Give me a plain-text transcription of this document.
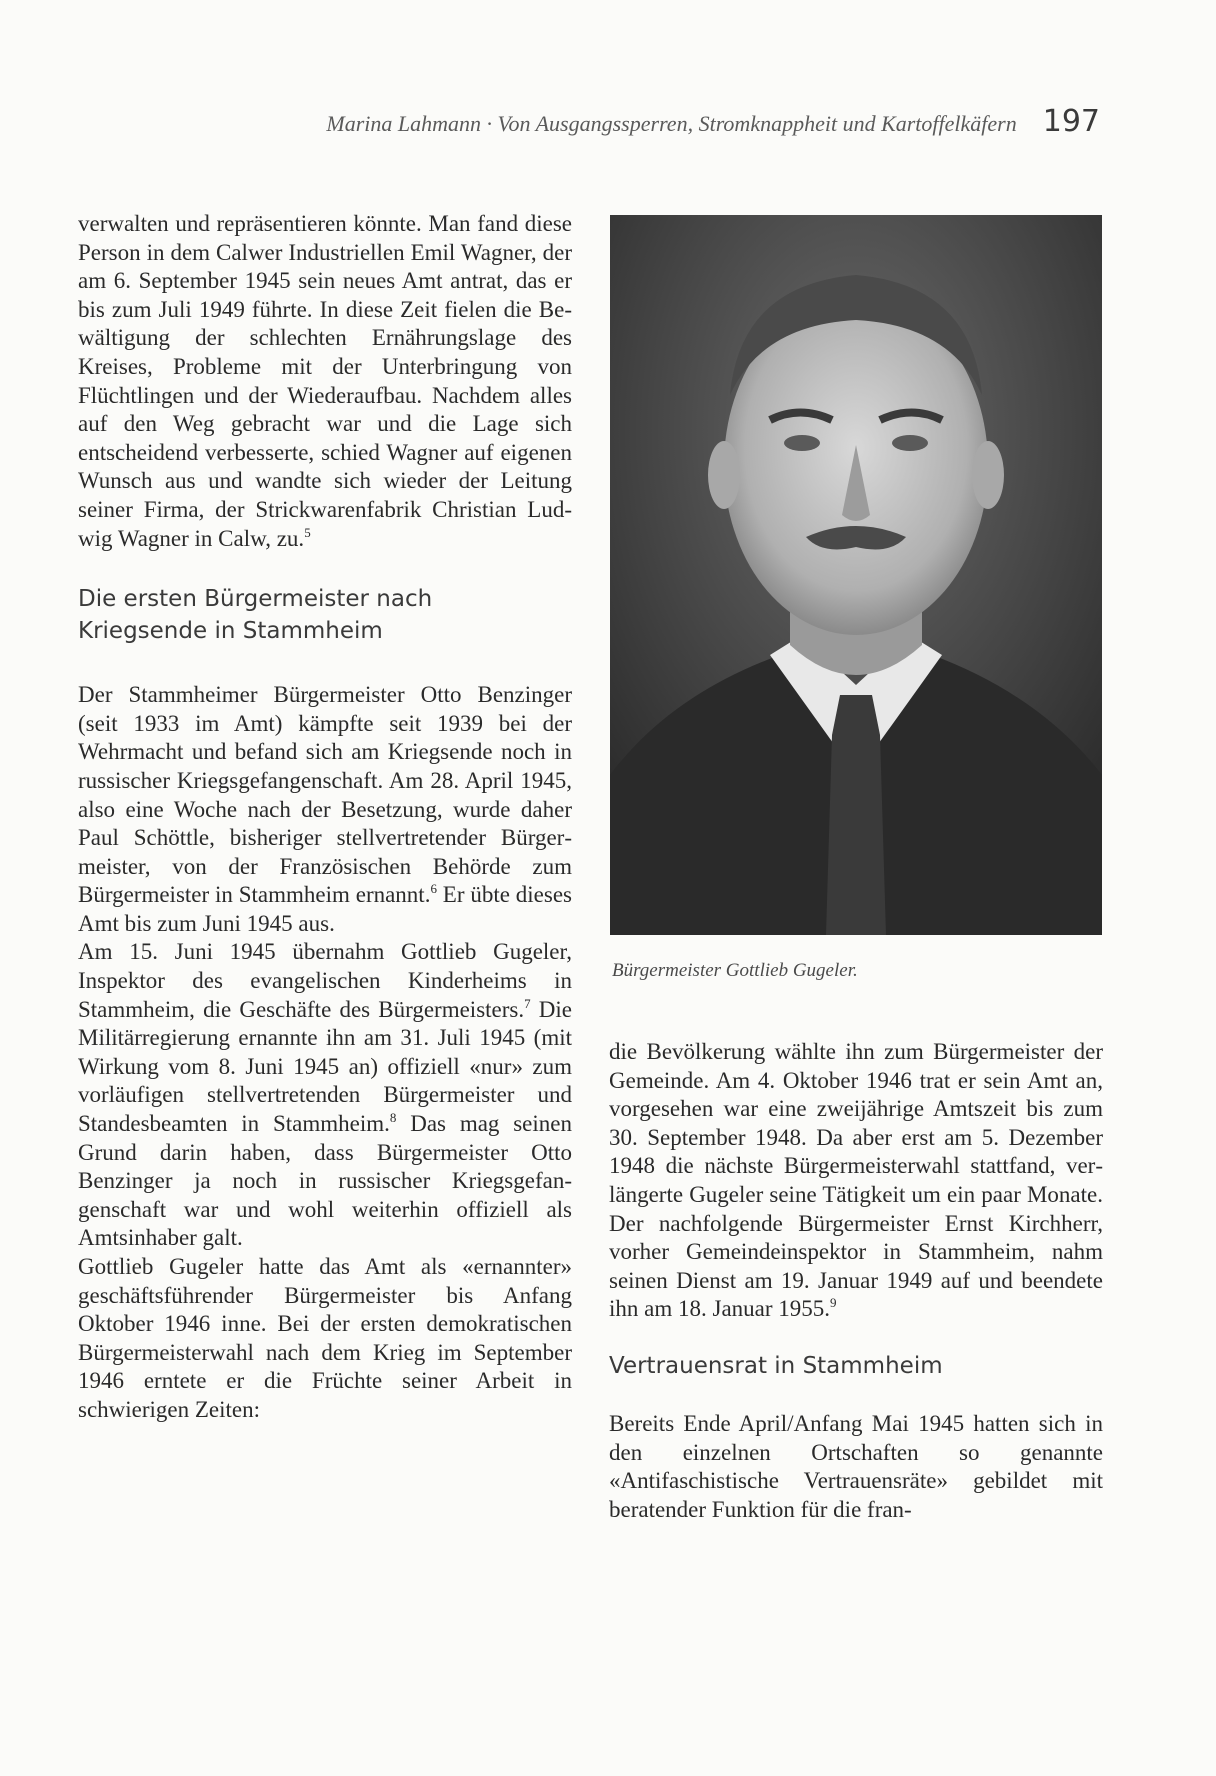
Marina Lahmann · Von Ausgangssperren, Stromknappheit und Kartoffelkäfern 197

verwalten und repräsentieren könnte. Man fand diese Person in dem Calwer Industriellen Emil Wagner, der am 6. September 1945 sein neues Amt antrat, das er bis zum Juli 1949 führte. In diese Zeit fielen die Bewältigung der schlechten Ernährungslage des Kreises, Probleme mit der Unterbringung von Flüchtlingen und der Wiederaufbau. Nachdem alles auf den Weg gebracht war und die Lage sich entscheidend verbesserte, schied Wagner auf eigenen Wunsch aus und wandte sich wieder der Leitung seiner Firma, der Strickwarenfabrik Christian Ludwig Wagner in Calw, zu.$^5$

Die ersten Bürgermeister nach
Kriegsende in Stammheim

Der Stammheimer Bürgermeister Otto Benzinger (seit 1933 im Amt) kämpfte seit 1939 bei der Wehrmacht und befand sich am Kriegsende noch in russischer Kriegsgefangenschaft. Am 28. April 1945, also eine Woche nach der Besetzung, wurde daher Paul Schöttle, bisheriger stellvertretender Bürgermeister, von der Französischen Behörde zum Bürgermeister in Stammheim ernannt.$^6$ Er übte dieses Amt bis zum Juni 1945 aus.

Am 15. Juni 1945 übernahm Gottlieb Gugeler, Inspektor des evangelischen Kinderheims in Stammheim, die Geschäfte des Bürgermeisters.$^7$ Die Militärregierung ernannte ihn am 31. Juli 1945 (mit Wirkung vom 8. Juni 1945 an) offiziell «nur» zum vorläufigen stellvertretenden Bürgermeister und Standesbeamten in Stammheim.$^8$ Das mag seinen Grund darin haben, dass Bürgermeister Otto Benzinger ja noch in russischer Kriegsgefangenschaft war und wohl weiterhin offiziell als Amtsinhaber galt.

Gottlieb Gugeler hatte das Amt als «ernannter» geschäftsführender Bürgermeister bis Anfang Oktober 1946 inne. Bei der ersten demokratischen Bürgermeisterwahl nach dem Krieg im September 1946 erntete er die Früchte seiner Arbeit in schwierigen Zeiten:

Bürgermeister Gottlieb Gugeler.

die Bevölkerung wählte ihn zum Bürgermeister der Gemeinde. Am 4. Oktober 1946 trat er sein Amt an, vorgesehen war eine zweijährige Amtszeit bis zum 30. September 1948. Da aber erst am 5. Dezember 1948 die nächste Bürgermeisterwahl stattfand, verlängerte Gugeler seine Tätigkeit um ein paar Monate. Der nachfolgende Bürgermeister Ernst Kirchherr, vorher Gemeindeinspektor in Stammheim, nahm seinen Dienst am 19. Januar 1949 auf und beendete ihn am 18. Januar 1955.$^9$

Vertrauensrat in Stammheim

Bereits Ende April/Anfang Mai 1945 hatten sich in den einzelnen Ortschaften so genannte «Antifaschistische Vertrauensräte» gebildet mit beratender Funktion für die fran-
